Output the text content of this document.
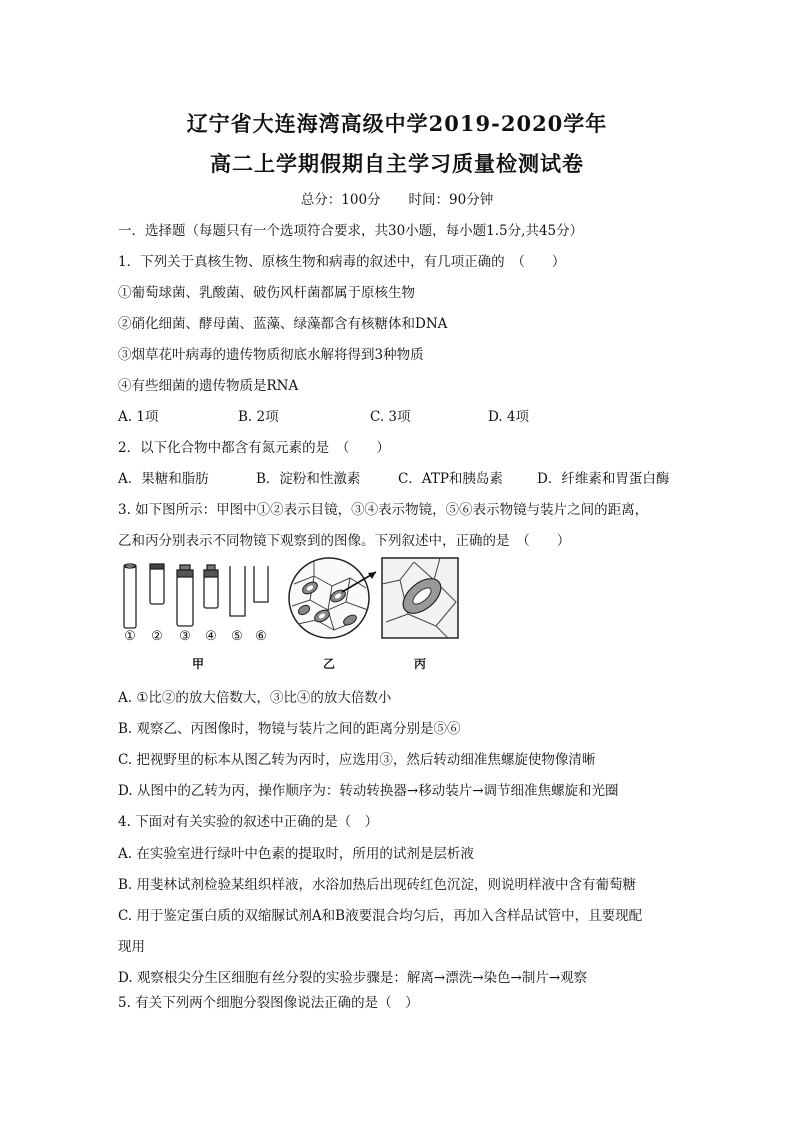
辽宁省大连海湾高级中学2019-2020学年
高二上学期假期自主学习质量检测试卷
总分：100分 时间：90分钟
一．选择题（每题只有一个选项符合要求，共30小题，每小题1.5分,共45分）
1．下列关于真核生物、原核生物和病毒的叙述中，有几项正确的　（　　）
①葡萄球菌、乳酸菌、破伤风杆菌都属于原核生物
②硝化细菌、酵母菌、蓝藻、绿藻都含有核糖体和DNA
③烟草花叶病毒的遗传物质彻底水解将得到3种物质
④有些细菌的遗传物质是RNA
A. 1项	B. 2项	C. 3项	D. 4项
2．以下化合物中都含有氮元素的是　（　　）
A．果糖和脂肪	B．淀粉和性激素	C．ATP和胰岛素	D．纤维素和胃蛋白酶
3. 如下图所示：甲图中①②表示目镜，③④表示物镜，⑤⑥表示物镜与装片之间的距离，
乙和丙分别表示不同物镜下观察到的图像。下列叙述中，正确的是　（　　）
① ② ③ ④ ⑤ ⑥
甲	乙	丙
A. ①比②的放大倍数大，③比④的放大倍数小
B. 观察乙、丙图像时，物镜与装片之间的距离分别是⑤⑥
C. 把视野里的标本从图乙转为丙时，应选用③，然后转动细准焦螺旋使物像清晰
D. 从图中的乙转为丙，操作顺序为：转动转换器→移动装片→调节细准焦螺旋和光圈
4. 下面对有关实验的叙述中正确的是（　）
A. 在实验室进行绿叶中色素的提取时，所用的试剂是层析液
B. 用斐林试剂检验某组织样液，水浴加热后出现砖红色沉淀，则说明样液中含有葡萄糖
C. 用于鉴定蛋白质的双缩脲试剂A和B液要混合均匀后，再加入含样品试管中，且要现配
现用
D. 观察根尖分生区细胞有丝分裂的实验步骤是：解离→漂洗→染色→制片→观察
5. 有关下列两个细胞分裂图像说法正确的是（　）
